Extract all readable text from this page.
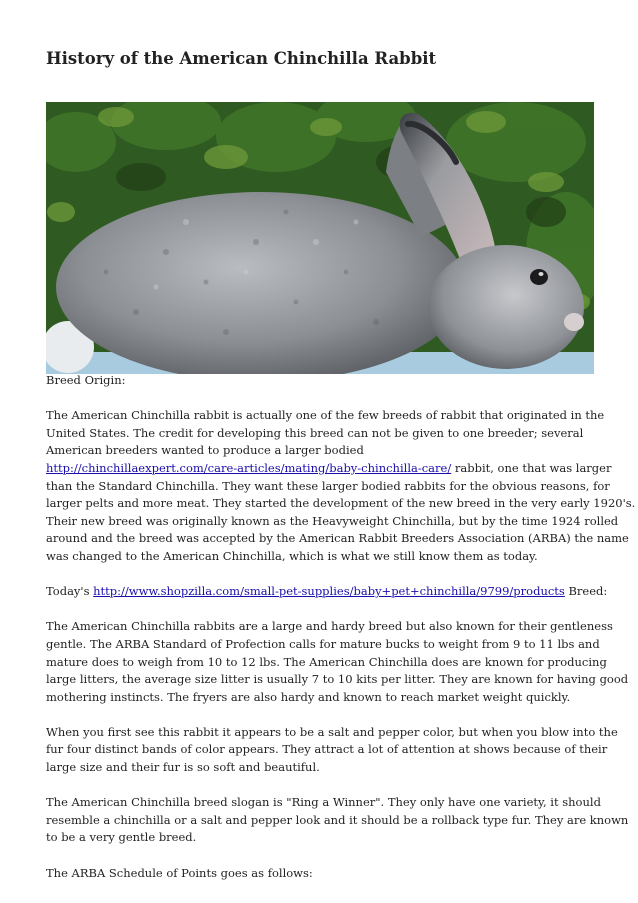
History of the American Chinchilla Rabbit

Breed Origin:

The American Chinchilla rabbit is actually one of the few breeds of rabbit that originated in the
United States. The credit for developing this breed can not be given to one breeder; several
American breeders wanted to produce a larger bodied
http://chinchillaexpert.com/care-articles/mating/baby-chinchilla-care/ rabbit, one that was larger
than the Standard Chinchilla. They want these larger bodied rabbits for the obvious reasons, for
larger pelts and more meat. They started the development of the new breed in the very early 1920's.
Their new breed was originally known as the Heavyweight Chinchilla, but by the time 1924 rolled
around and the breed was accepted by the American Rabbit Breeders Association (ARBA) the name
was changed to the American Chinchilla, which is what we still know them as today.

Today's http://www.shopzilla.com/small-pet-supplies/baby+pet+chinchilla/9799/products Breed:

The American Chinchilla rabbits are a large and hardy breed but also known for their gentleness
gentle. The ARBA Standard of Profection calls for mature bucks to weight from 9 to 11 lbs and
mature does to weigh from 10 to 12 lbs. The American Chinchilla does are known for producing
large litters, the average size litter is usually 7 to 10 kits per litter. They are known for having good
mothering instincts. The fryers are also hardy and known to reach market weight quickly.

When you first see this rabbit it appears to be a salt and pepper color, but when you blow into the
fur four distinct bands of color appears. They attract a lot of attention at shows because of their
large size and their fur is so soft and beautiful.

The American Chinchilla breed slogan is "Ring a Winner". They only have one variety, it should
resemble a chinchilla or a salt and pepper look and it should be a rollback type fur. They are known
to be a very gentle breed.

The ARBA Schedule of Points goes as follows:
